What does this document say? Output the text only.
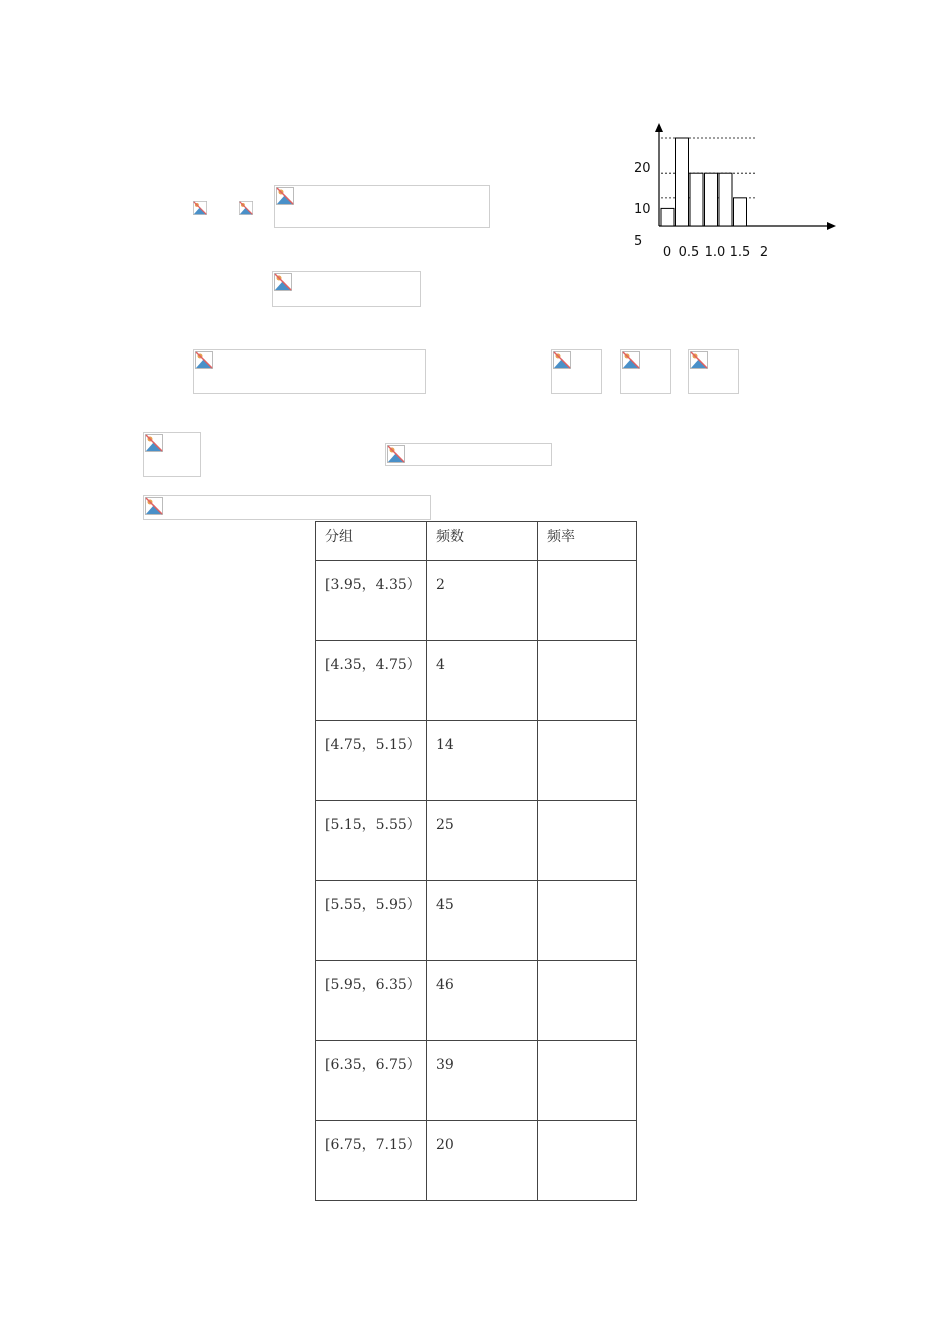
5
10
20
0 0.5 1.0 1.5 2
分组	频数	频率

[3.95，4.35）	2	

[4.35，4.75）	4	

[4.75，5.15）	14	

[5.15，5.55）	25	

[5.55，5.95）	45	

[5.95，6.35）	46	

[6.35，6.75）	39	

[6.75，7.15）	20	
